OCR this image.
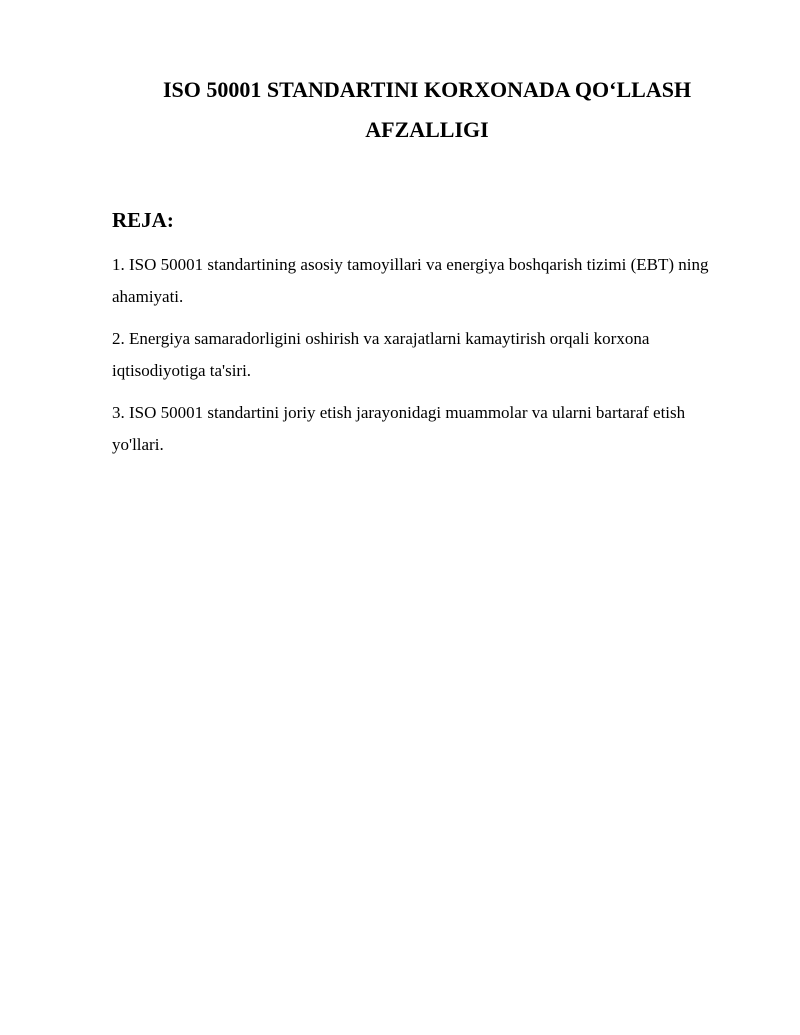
ISO 50001 STANDARTINI KORXONADA QO‘LLASH
AFZALLIGI
REJA:

1. ISO 50001 standartining asosiy tamoyillari va energiya boshqarish tizimi (EBT) ning ahamiyati.

2. Energiya samaradorligini oshirish va xarajatlarni kamaytirish orqali korxona iqtisodiyotiga ta'siri.

3. ISO 50001 standartini joriy etish jarayonidagi muammolar va ularni bartaraf etish yo'llari.
